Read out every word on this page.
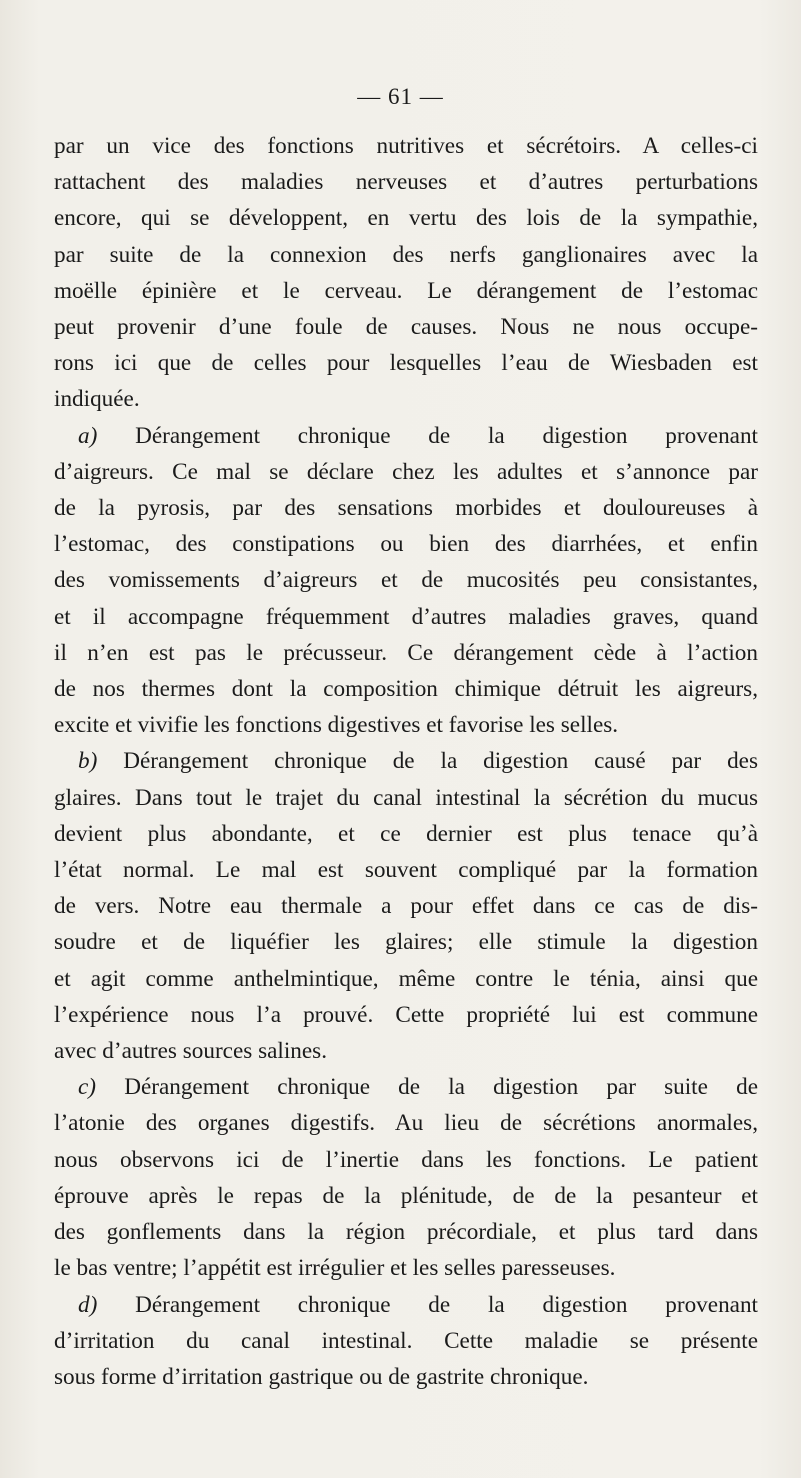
— 61 —
par un vice des fonctions nutritives et sécrétoirs. A celles-ci
rattachent des maladies nerveuses et d’autres perturbations
encore, qui se développent, en vertu des lois de la sympathie,
par suite de la connexion des nerfs ganglionaires avec la
moëlle épinière et le cerveau. Le dérangement de l’estomac
peut provenir d’une foule de causes. Nous ne nous occupe-
rons ici que de celles pour lesquelles l’eau de Wiesbaden est
indiquée.
a) Dérangement chronique de la digestion provenant
d’aigreurs. Ce mal se déclare chez les adultes et s’annonce par
de la pyrosis, par des sensations morbides et douloureuses à
l’estomac, des constipations ou bien des diarrhées, et enfin
des vomissements d’aigreurs et de mucosités peu consistantes,
et il accompagne fréquemment d’autres maladies graves, quand
il n’en est pas le précusseur. Ce dérangement cède à l’action
de nos thermes dont la composition chimique détruit les aigreurs,
excite et vivifie les fonctions digestives et favorise les selles.
b) Dérangement chronique de la digestion causé par des
glaires. Dans tout le trajet du canal intestinal la sécrétion du mucus
devient plus abondante, et ce dernier est plus tenace qu’à
l’état normal. Le mal est souvent compliqué par la formation
de vers. Notre eau thermale a pour effet dans ce cas de dis-
soudre et de liquéfier les glaires; elle stimule la digestion
et agit comme anthelmintique, même contre le ténia, ainsi que
l’expérience nous l’a prouvé. Cette propriété lui est commune
avec d’autres sources salines.
c) Dérangement chronique de la digestion par suite de
l’atonie des organes digestifs. Au lieu de sécrétions anormales,
nous observons ici de l’inertie dans les fonctions. Le patient
éprouve après le repas de la plénitude, de de la pesanteur et
des gonflements dans la région précordiale, et plus tard dans
le bas ventre; l’appétit est irrégulier et les selles paresseuses.
d) Dérangement chronique de la digestion provenant
d’irritation du canal intestinal. Cette maladie se présente
sous forme d’irritation gastrique ou de gastrite chronique.
